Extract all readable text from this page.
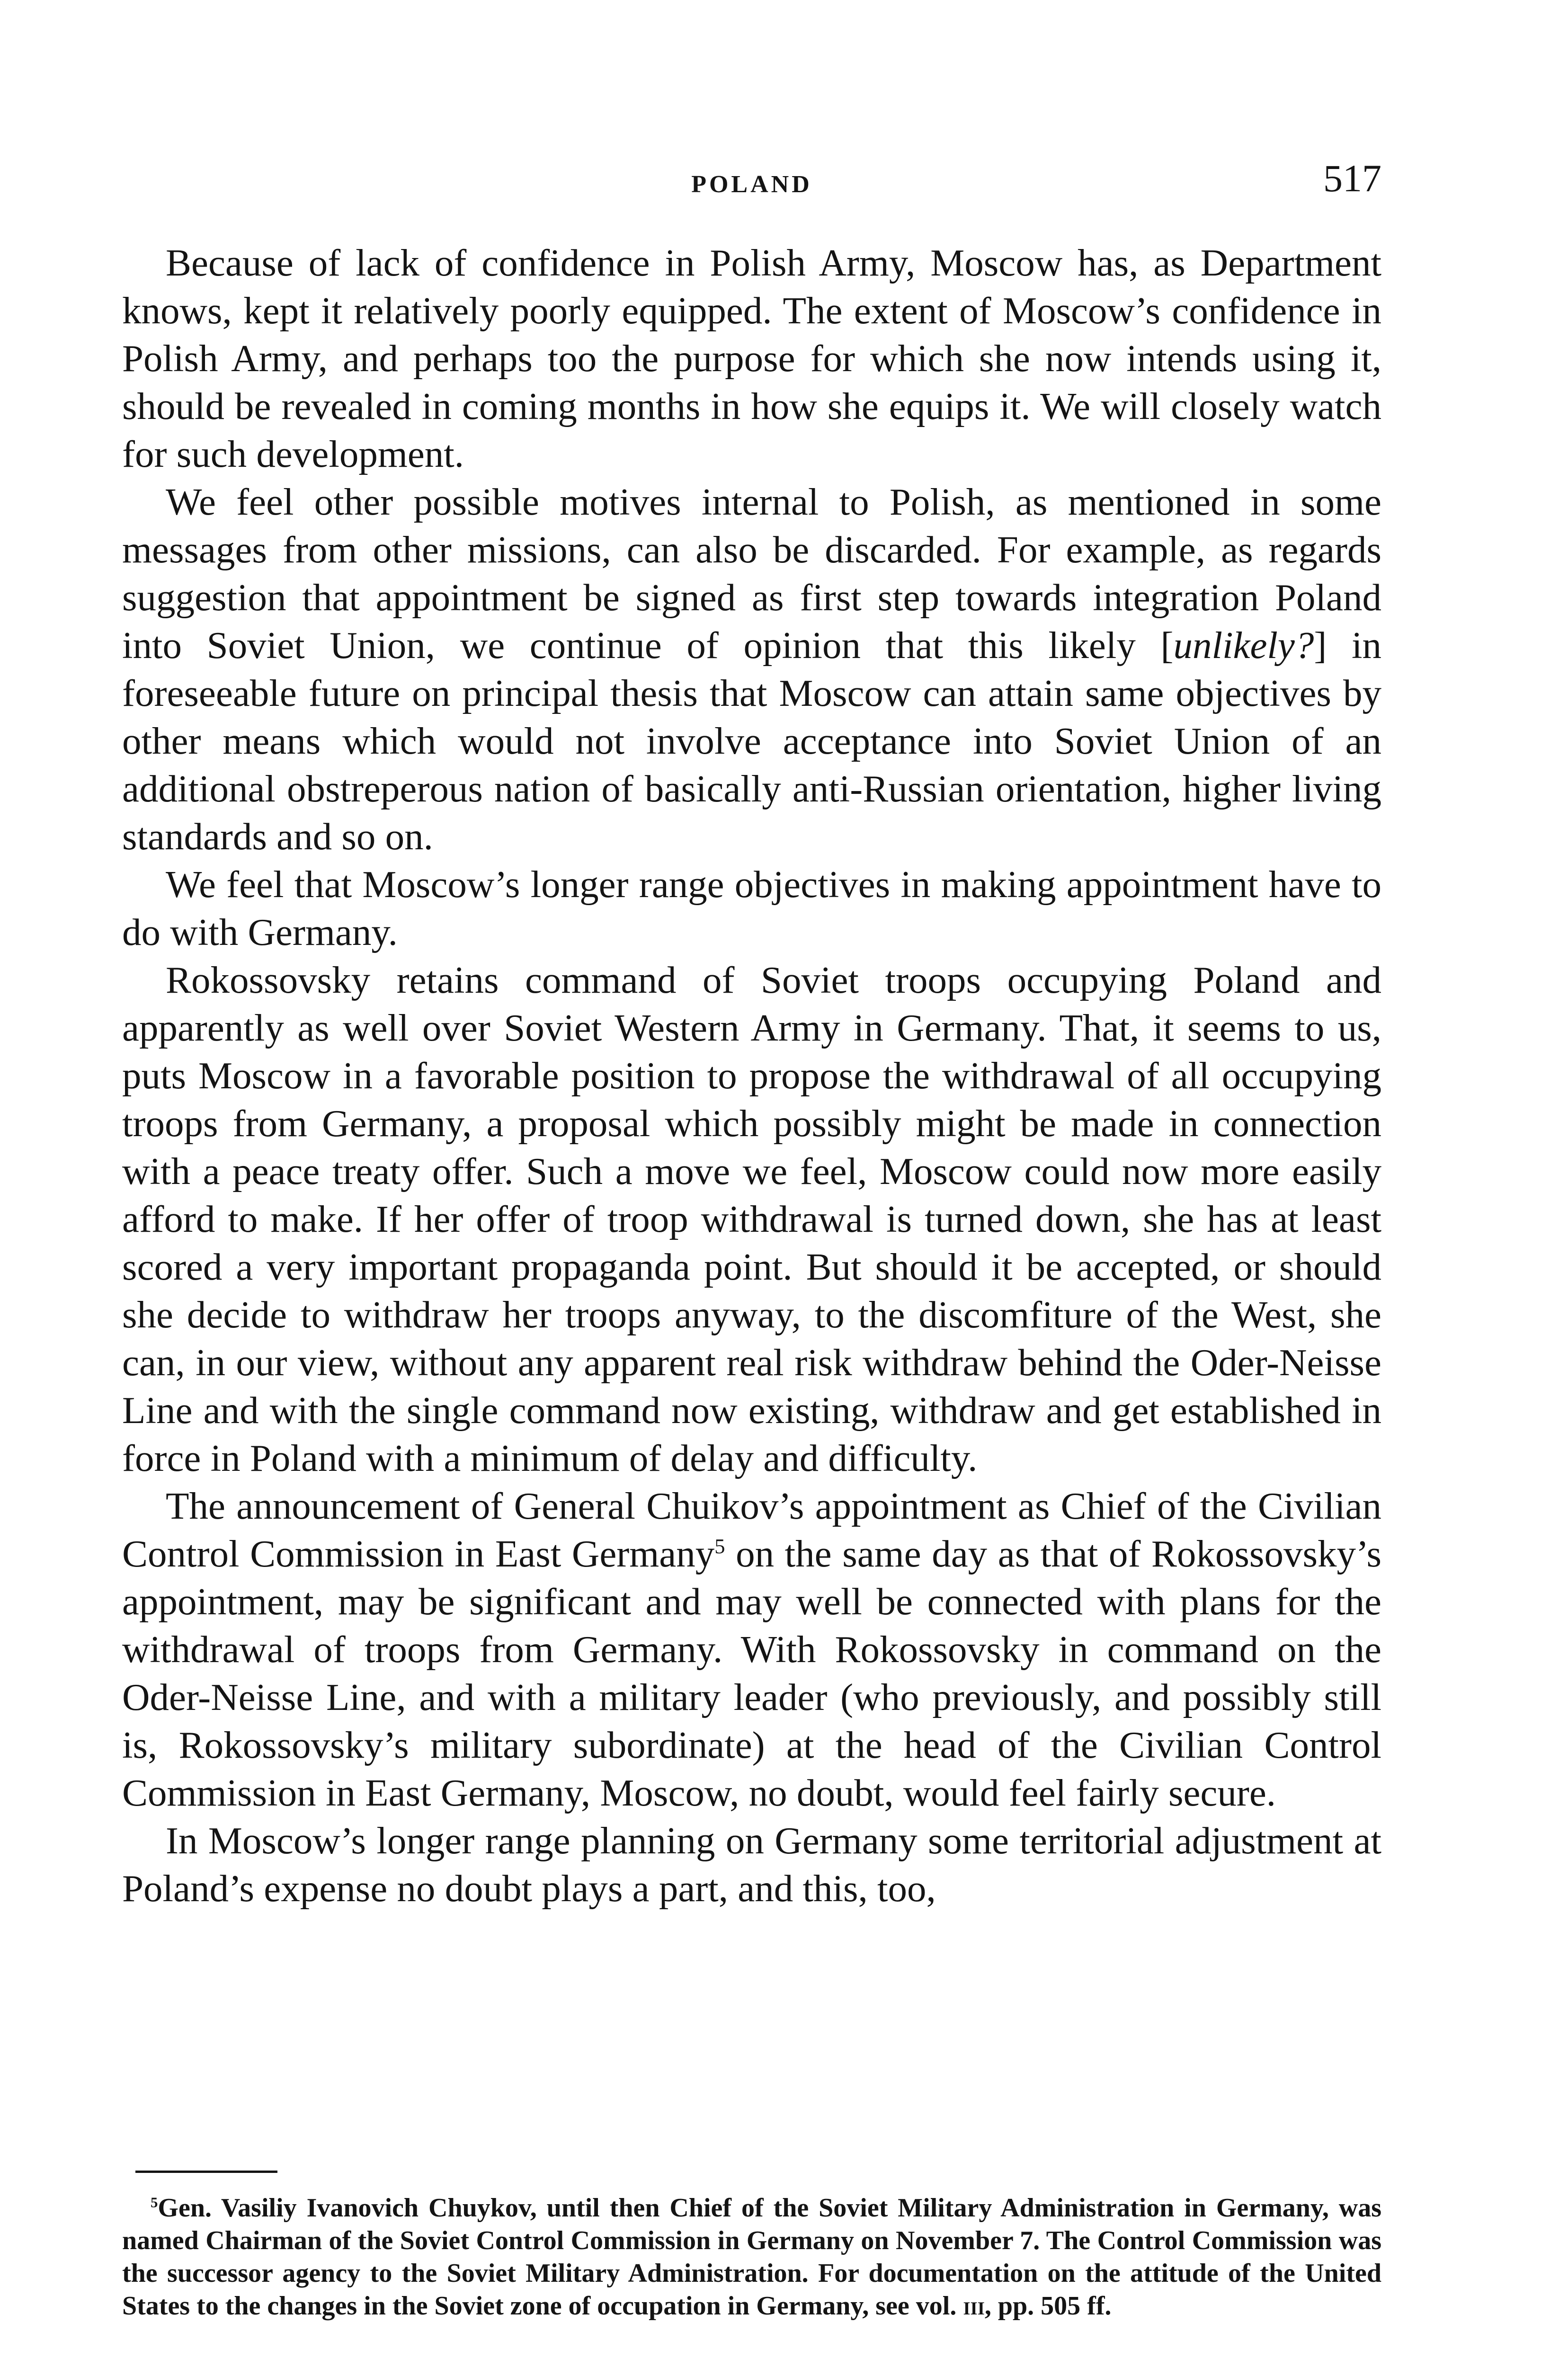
POLAND	517

Because of lack of confidence in Polish Army, Moscow has, as Department knows, kept it relatively poorly equipped. The extent of Moscow’s confidence in Polish Army, and perhaps too the purpose for which she now intends using it, should be revealed in coming months in how she equips it. We will closely watch for such development.

We feel other possible motives internal to Polish, as mentioned in some messages from other missions, can also be discarded. For example, as regards suggestion that appointment be signed as first step towards integration Poland into Soviet Union, we continue of opinion that this likely [unlikely?] in foreseeable future on principal thesis that Moscow can attain same objectives by other means which would not involve acceptance into Soviet Union of an additional obstreperous nation of basically anti-Russian orientation, higher living standards and so on.

We feel that Moscow’s longer range objectives in making appointment have to do with Germany.

Rokossovsky retains command of Soviet troops occupying Poland and apparently as well over Soviet Western Army in Germany. That, it seems to us, puts Moscow in a favorable position to propose the withdrawal of all occupying troops from Germany, a proposal which possibly might be made in connection with a peace treaty offer. Such a move we feel, Moscow could now more easily afford to make. If her offer of troop withdrawal is turned down, she has at least scored a very important propaganda point. But should it be accepted, or should she decide to withdraw her troops anyway, to the discomfiture of the West, she can, in our view, without any apparent real risk withdraw behind the Oder-Neisse Line and with the single command now existing, withdraw and get established in force in Poland with a minimum of delay and difficulty.

The announcement of General Chuikov’s appointment as Chief of the Civilian Control Commission in East Germany$^5$ on the same day as that of Rokossovsky’s appointment, may be significant and may well be connected with plans for the withdrawal of troops from Germany. With Rokossovsky in command on the Oder-Neisse Line, and with a military leader (who previously, and possibly still is, Rokossovsky’s military subordinate) at the head of the Civilian Control Commission in East Germany, Moscow, no doubt, would feel fairly secure.

In Moscow’s longer range planning on Germany some territorial adjustment at Poland’s expense no doubt plays a part, and this, too,

$^5$Gen. Vasiliy Ivanovich Chuykov, until then Chief of the Soviet Military Administration in Germany, was named Chairman of the Soviet Control Commission in Germany on November 7. The Control Commission was the successor agency to the Soviet Military Administration. For documentation on the attitude of the United States to the changes in the Soviet zone of occupation in Germany, see vol. iii, pp. 505 ff.
